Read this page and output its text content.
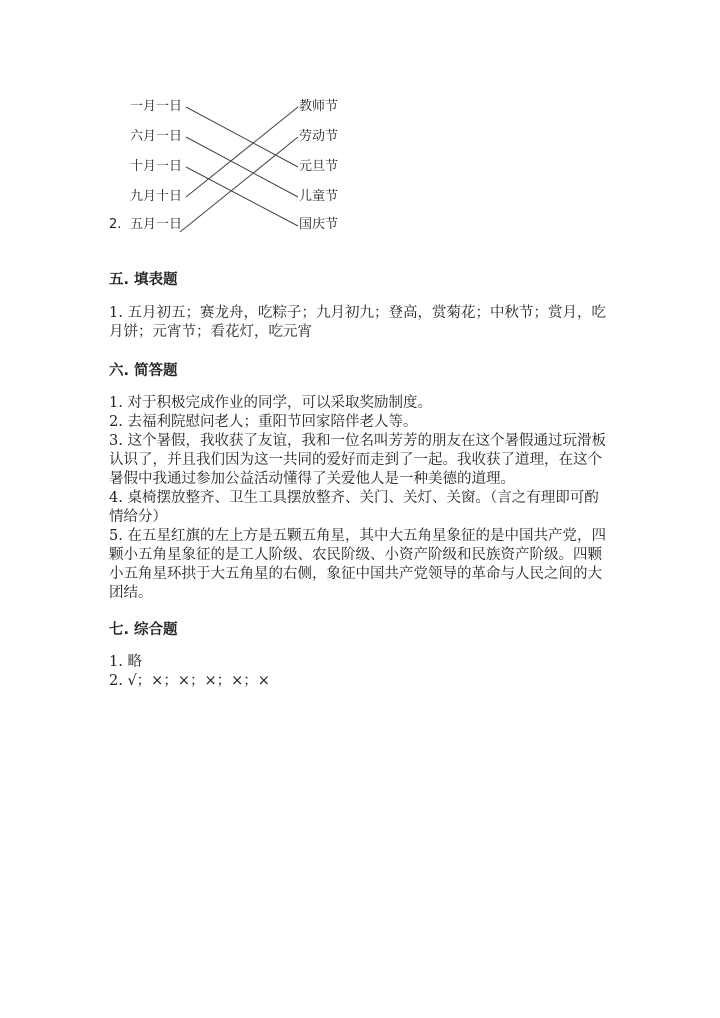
2.
一月一日
六月一日
十月一日
九月十日
五月一日
教师节
劳动节
元旦节
儿童节
国庆节
五. 填表题
1. 五月初五；赛龙舟，吃粽子；九月初九；登高，赏菊花；中秋节；赏月，吃
月饼；元宵节；看花灯，吃元宵
六. 简答题
1. 对于积极完成作业的同学，可以采取奖励制度。
2. 去福利院慰问老人；重阳节回家陪伴老人等。
3. 这个暑假，我收获了友谊，我和一位名叫芳芳的朋友在这个暑假通过玩滑板
认识了，并且我们因为这一共同的爱好而走到了一起。我收获了道理，在这个
暑假中我通过参加公益活动懂得了关爱他人是一种美德的道理。
4. 桌椅摆放整齐、卫生工具摆放整齐、关门、关灯、关窗。（言之有理即可酌
情给分）
5. 在五星红旗的左上方是五颗五角星，其中大五角星象征的是中国共产党，四
颗小五角星象征的是工人阶级、农民阶级、小资产阶级和民族资产阶级。四颗
小五角星环拱于大五角星的右侧，象征中国共产党领导的革命与人民之间的大
团结。
七. 综合题
1. 略
2. √；×；×；×；×；×
